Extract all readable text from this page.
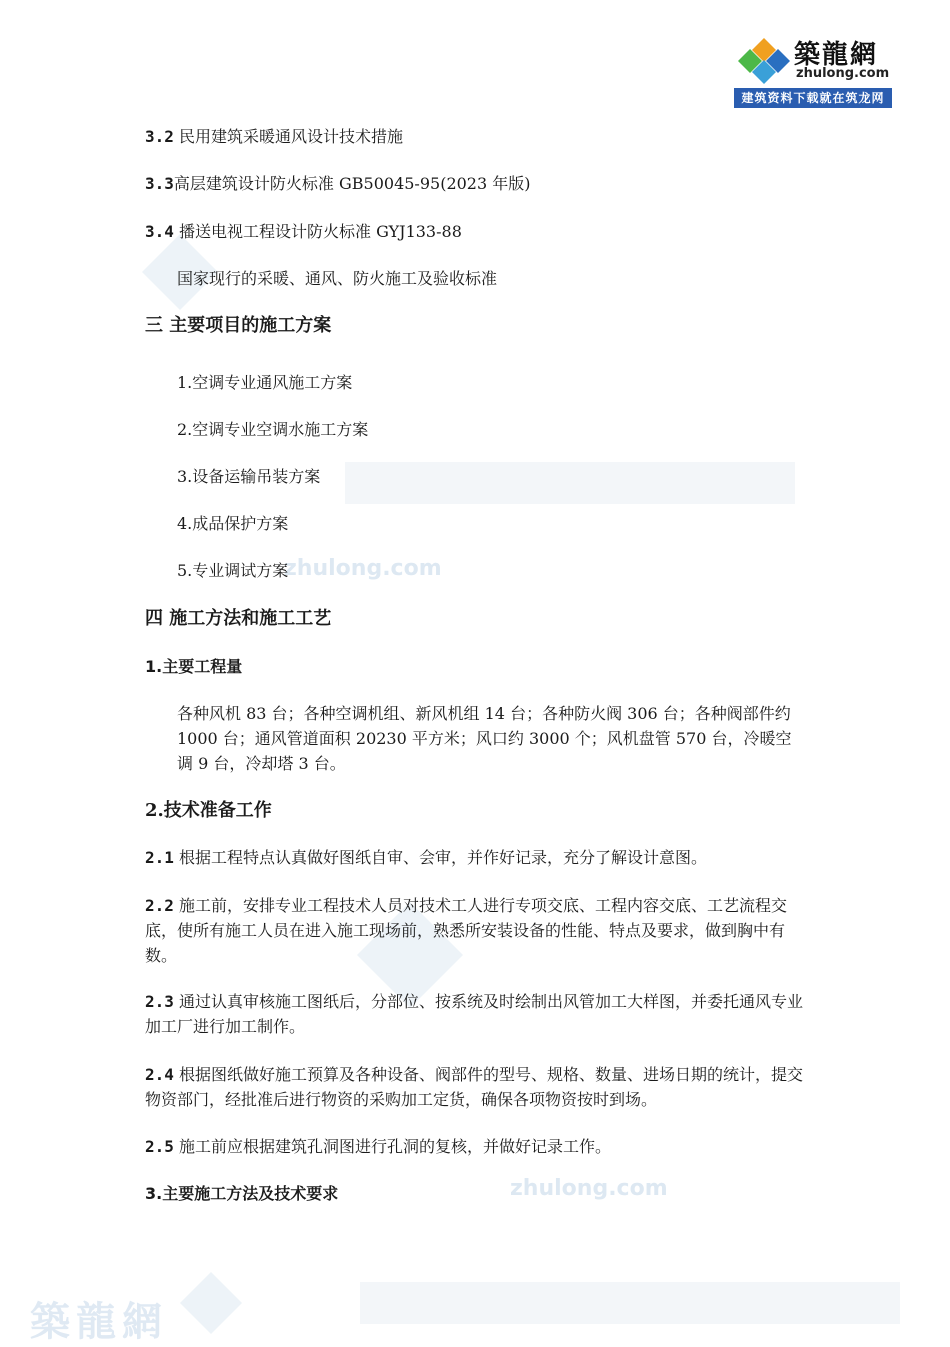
zhulong.com
zhulong.com
築龍網
築龍網
zhulong.com
建筑资料下载就在筑龙网
3.2 民用建筑采暖通风设计技术措施
3.3高层建筑设计防火标准 GB50045-95(2023 年版)
3.4 播送电视工程设计防火标准 GYJ133-88
国家现行的采暖、通风、防火施工及验收标准
三 主要项目的施工方案
1.空调专业通风施工方案
2.空调专业空调水施工方案
3.设备运输吊装方案
4.成品保护方案
5.专业调试方案
四 施工方法和施工工艺
1.主要工程量
各种风机 83 台；各种空调机组、新风机组 14 台；各种防火阀 306 台；各种阀部件约 1000 台；通风管道面积 20230 平方米；风口约 3000 个；风机盘管 570 台，冷暖空调 9 台，冷却塔 3 台。
2.技术准备工作
2.1 根据工程特点认真做好图纸自审、会审，并作好记录，充分了解设计意图。
2.2 施工前，安排专业工程技术人员对技术工人进行专项交底、工程内容交底、工艺流程交底，使所有施工人员在进入施工现场前，熟悉所安装设备的性能、特点及要求，做到胸中有数。
2.3 通过认真审核施工图纸后，分部位、按系统及时绘制出风管加工大样图，并委托通风专业加工厂进行加工制作。
2.4 根据图纸做好施工预算及各种设备、阀部件的型号、规格、数量、进场日期的统计，提交物资部门，经批准后进行物资的采购加工定货，确保各项物资按时到场。
2.5 施工前应根据建筑孔洞图进行孔洞的复核，并做好记录工作。
3.主要施工方法及技术要求
